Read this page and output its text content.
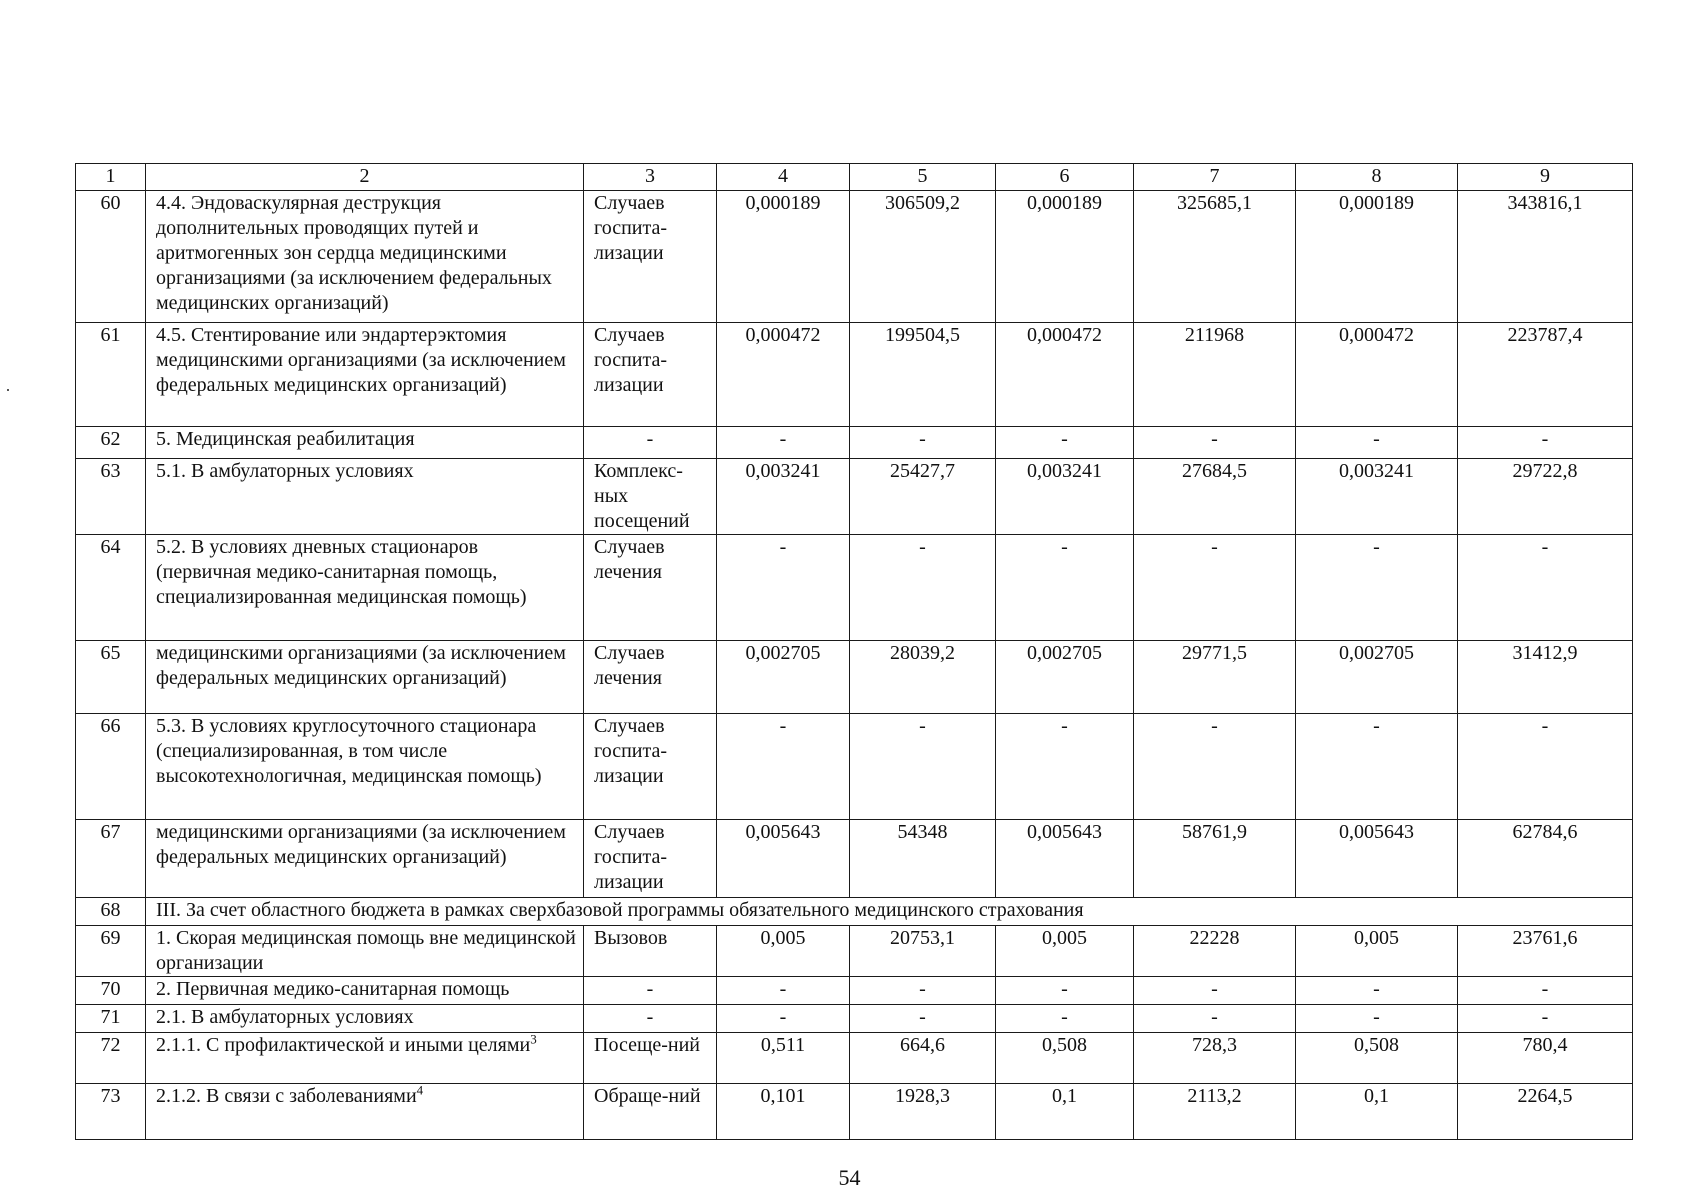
1	2	3	4	5	6	7	8	9
60	4.4. Эндоваскулярная деструкция дополнительных проводящих путей и аритмогенных зон сердца медицинскими организациями (за исключением федеральных медицинских организаций)	Случаев госпита-лизации	0,000189	306509,2	0,000189	325685,1	0,000189	343816,1
61	4.5. Стентирование или эндартерэктомия медицинскими организациями (за исключением федеральных медицинских организаций)	Случаев госпита-лизации	0,000472	199504,5	0,000472	211968	0,000472	223787,4
62	5. Медицинская реабилитация	-	-	-	-	-	-	-
63	5.1. В амбулаторных условиях	Комплекс-ных посещений	0,003241	25427,7	0,003241	27684,5	0,003241	29722,8
64	5.2. В условиях дневных стационаров (первичная медико-санитарная помощь, специализированная медицинская помощь)	Случаев лечения	-	-	-	-	-	-
65	медицинскими организациями (за исключением федеральных медицинских организаций)	Случаев лечения	0,002705	28039,2	0,002705	29771,5	0,002705	31412,9
66	5.3. В условиях круглосуточного стационара (специализированная, в том числе высокотехнологичная, медицинская помощь)	Случаев госпита-лизации	-	-	-	-	-	-
67	медицинскими организациями (за исключением федеральных медицинских организаций)	Случаев госпита-лизации	0,005643	54348	0,005643	58761,9	0,005643	62784,6
68	III. За счет областного бюджета в рамках сверхбазовой программы обязательного медицинского страхования							
69	1. Скорая медицинская помощь вне медицинской организации	Вызовов	0,005	20753,1	0,005	22228	0,005	23761,6
70	2. Первичная медико-санитарная помощь	-	-	-	-	-	-	-
71	2.1. В амбулаторных условиях	-	-	-	-	-	-	-
72	2.1.1. С профилактической и иными целями$^3$	Посеще-ний	0,511	664,6	0,508	728,3	0,508	780,4
73	2.1.2. В связи с заболеваниями$^4$	Обраще-ний	0,101	1928,3	0,1	2113,2	0,1	2264,5
54
